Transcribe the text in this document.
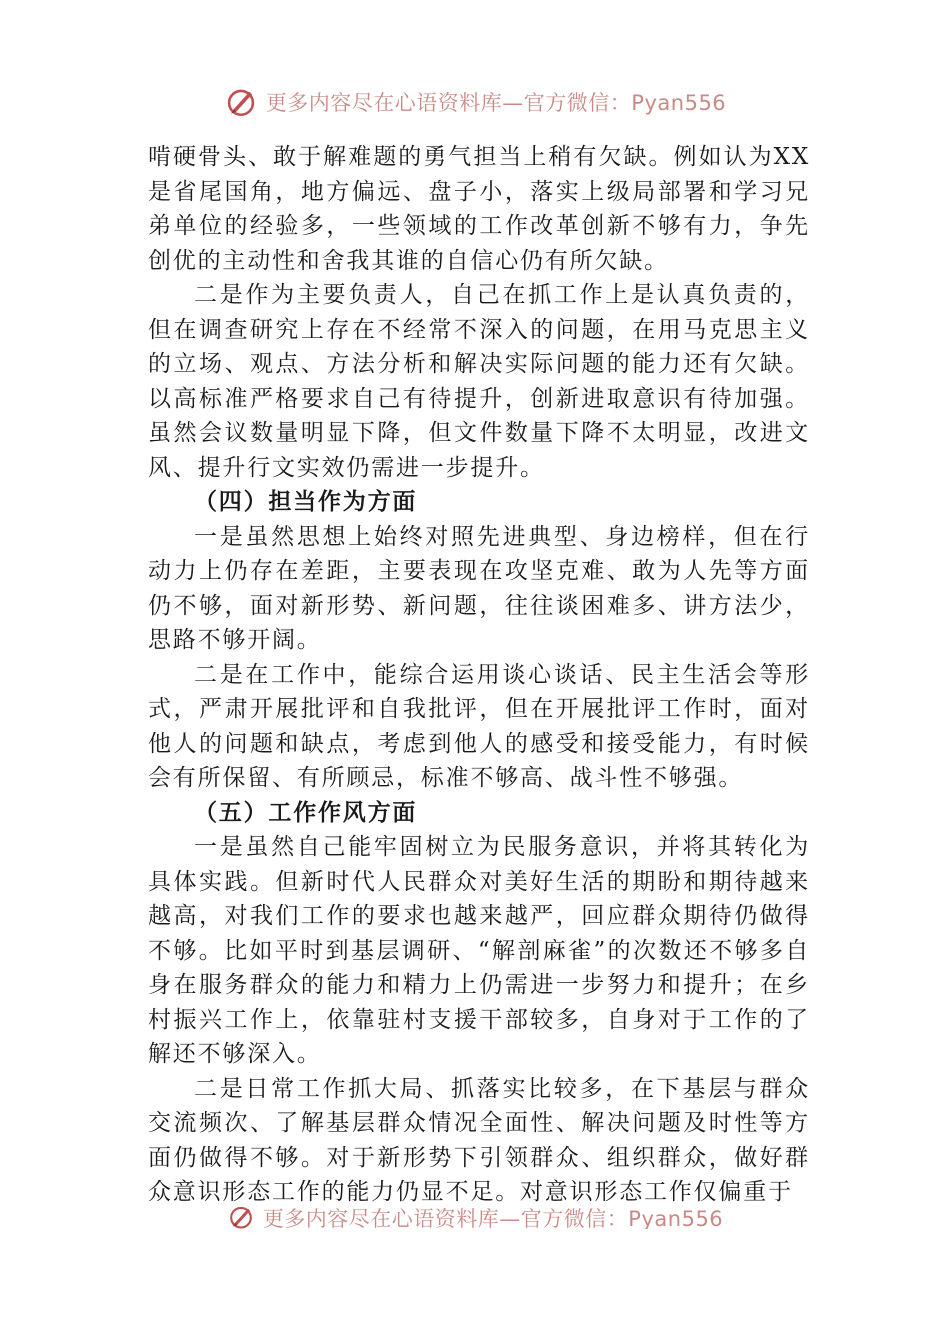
更多内容尽在心语资料库—官方微信：Pyan556

啃硬骨头、敢于解难题的勇气担当上稍有欠缺。例如认为XX是省尾国角，地方偏远、盘子小，落实上级局部署和学习兄弟单位的经验多，一些领域的工作改革创新不够有力，争先创优的主动性和舍我其谁的自信心仍有所欠缺。

二是作为主要负责人，自己在抓工作上是认真负责的，但在调查研究上存在不经常不深入的问题，在用马克思主义的立场、观点、方法分析和解决实际问题的能力还有欠缺。以高标准严格要求自己有待提升，创新进取意识有待加强。虽然会议数量明显下降，但文件数量下降不太明显，改进文风、提升行文实效仍需进一步提升。

（四）担当作为方面

一是虽然思想上始终对照先进典型、身边榜样，但在行动力上仍存在差距，主要表现在攻坚克难、敢为人先等方面仍不够，面对新形势、新问题，往往谈困难多、讲方法少，思路不够开阔。

二是在工作中，能综合运用谈心谈话、民主生活会等形式，严肃开展批评和自我批评，但在开展批评工作时，面对他人的问题和缺点，考虑到他人的感受和接受能力，有时候会有所保留、有所顾忌，标准不够高、战斗性不够强。

（五）工作作风方面

一是虽然自己能牢固树立为民服务意识，并将其转化为具体实践。但新时代人民群众对美好生活的期盼和期待越来越高，对我们工作的要求也越来越严，回应群众期待仍做得不够。比如平时到基层调研、“解剖麻雀”的次数还不够多自身在服务群众的能力和精力上仍需进一步努力和提升；在乡村振兴工作上，依靠驻村支援干部较多，自身对于工作的了解还不够深入。

二是日常工作抓大局、抓落实比较多，在下基层与群众交流频次、了解基层群众情况全面性、解决问题及时性等方面仍做得不够。对于新形势下引领群众、组织群众，做好群众意识形态工作的能力仍显不足。对意识形态工作仅偏重于

更多内容尽在心语资料库—官方微信：Pyan556
